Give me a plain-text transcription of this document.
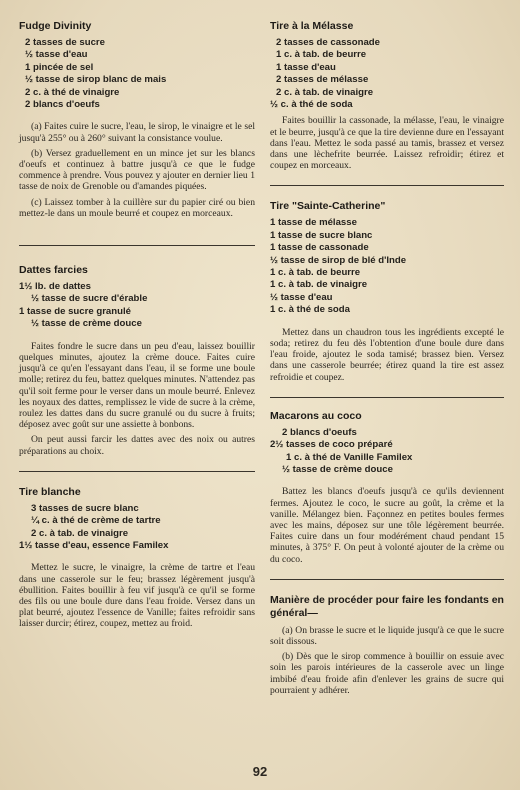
Fudge Divinity
2 tasses de sucre
½ tasse d'eau
1 pincée de sel
½ tasse de sirop blanc de mais
2 c. à thé de vinaigre
2 blancs d'oeufs

(a) Faites cuire le sucre, l'eau, le sirop, le vinaigre et le sel jusqu'à 255° ou à 260° suivant la consistance voulue.

(b) Versez graduellement en un mince jet sur les blancs d'oeufs et continuez à battre jusqu'à ce que le fudge commence à prendre. Vous pouvez y ajouter en dernier lieu 1 tasse de noix de Grenoble ou d'amandes piquées.

(c) Laissez tomber à la cuillère sur du papier ciré ou bien mettez-le dans un moule beurré et coupez en morceaux.

Dattes farcies
1½ lb. de dattes
½ tasse de sucre d'érable
1 tasse de sucre granulé
½ tasse de crème douce

Faites fondre le sucre dans un peu d'eau, laissez bouillir quelques minutes, ajoutez la crème douce. Faites cuire jusqu'à ce qu'en l'essayant dans l'eau, il se forme une boule molle; retirez du feu, battez quelques minutes. N'attendez pas qu'il soit ferme pour le verser dans un moule beurré. Enlevez les noyaux des dattes, remplissez le vide de sucre à la crème, roulez les dattes dans du sucre granulé ou du sucre à fruits; déposez avec goût sur une assiette à bonbons.

On peut aussi farcir les dattes avec des noix ou autres préparations au choix.

Tire blanche
3 tasses de sucre blanc
¼ c. à thé de crème de tartre
2 c. à tab. de vinaigre
1½ tasse d'eau, essence Familex

Mettez le sucre, le vinaigre, la crème de tartre et l'eau dans une casserole sur le feu; brassez légèrement jusqu'à ébullition. Faites bouillir à feu vif jusqu'à ce qu'il se forme des fils ou une boule dure dans l'eau froide. Versez dans un plat beurré, ajoutez l'essence de Vanille; faites refroidir sans laisser durcir; étirez, coupez, mettez au froid.

Tire à la Mélasse
2 tasses de cassonade
1 c. à tab. de beurre
1 tasse d'eau
2 tasses de mélasse
2 c. à tab. de vinaigre
½ c. à thé de soda

Faites bouillir la cassonade, la mélasse, l'eau, le vinaigre et le beurre, jusqu'à ce que la tire devienne dure en l'essayant dans l'eau. Mettez le soda passé au tamis, brassez et versez dans une lèchefrite beurrée. Laissez refroidir; étirez et coupez en morceaux.

Tire "Sainte-Catherine"
1 tasse de mélasse
1 tasse de sucre blanc
1 tasse de cassonade
½ tasse de sirop de blé d'Inde
1 c. à tab. de beurre
1 c. à tab. de vinaigre
½ tasse d'eau
1 c. à thé de soda

Mettez dans un chaudron tous les ingrédients excepté le soda; retirez du feu dès l'obtention d'une boule dure dans l'eau froide, ajoutez le soda tamisé; brassez bien. Versez dans une casserole beurrée; étirez quand la tire est assez refroidie et coupez.

Macarons au coco
2 blancs d'oeufs
2½ tasses de coco préparé
1 c. à thé de Vanille Familex
½ tasse de crème douce

Battez les blancs d'oeufs jusqu'à ce qu'ils deviennent fermes. Ajoutez le coco, le sucre au goût, la crème et la vanille. Mélangez bien. Façonnez en petites boules fermes avec les mains, déposez sur une tôle légèrement beurrée. Faites cuire dans un four modérément chaud pendant 15 minutes, à 375° F. On peut à volonté ajouter de la crème ou du coco.

Manière de procéder pour faire les fondants en général—

(a) On brasse le sucre et le liquide jusqu'à ce que le sucre soit dissous.

(b) Dès que le sirop commence à bouillir on essuie avec soin les parois intérieures de la casserole avec un linge imbibé d'eau froide afin d'enlever les grains de sucre qui pourraient y adhérer.

92
